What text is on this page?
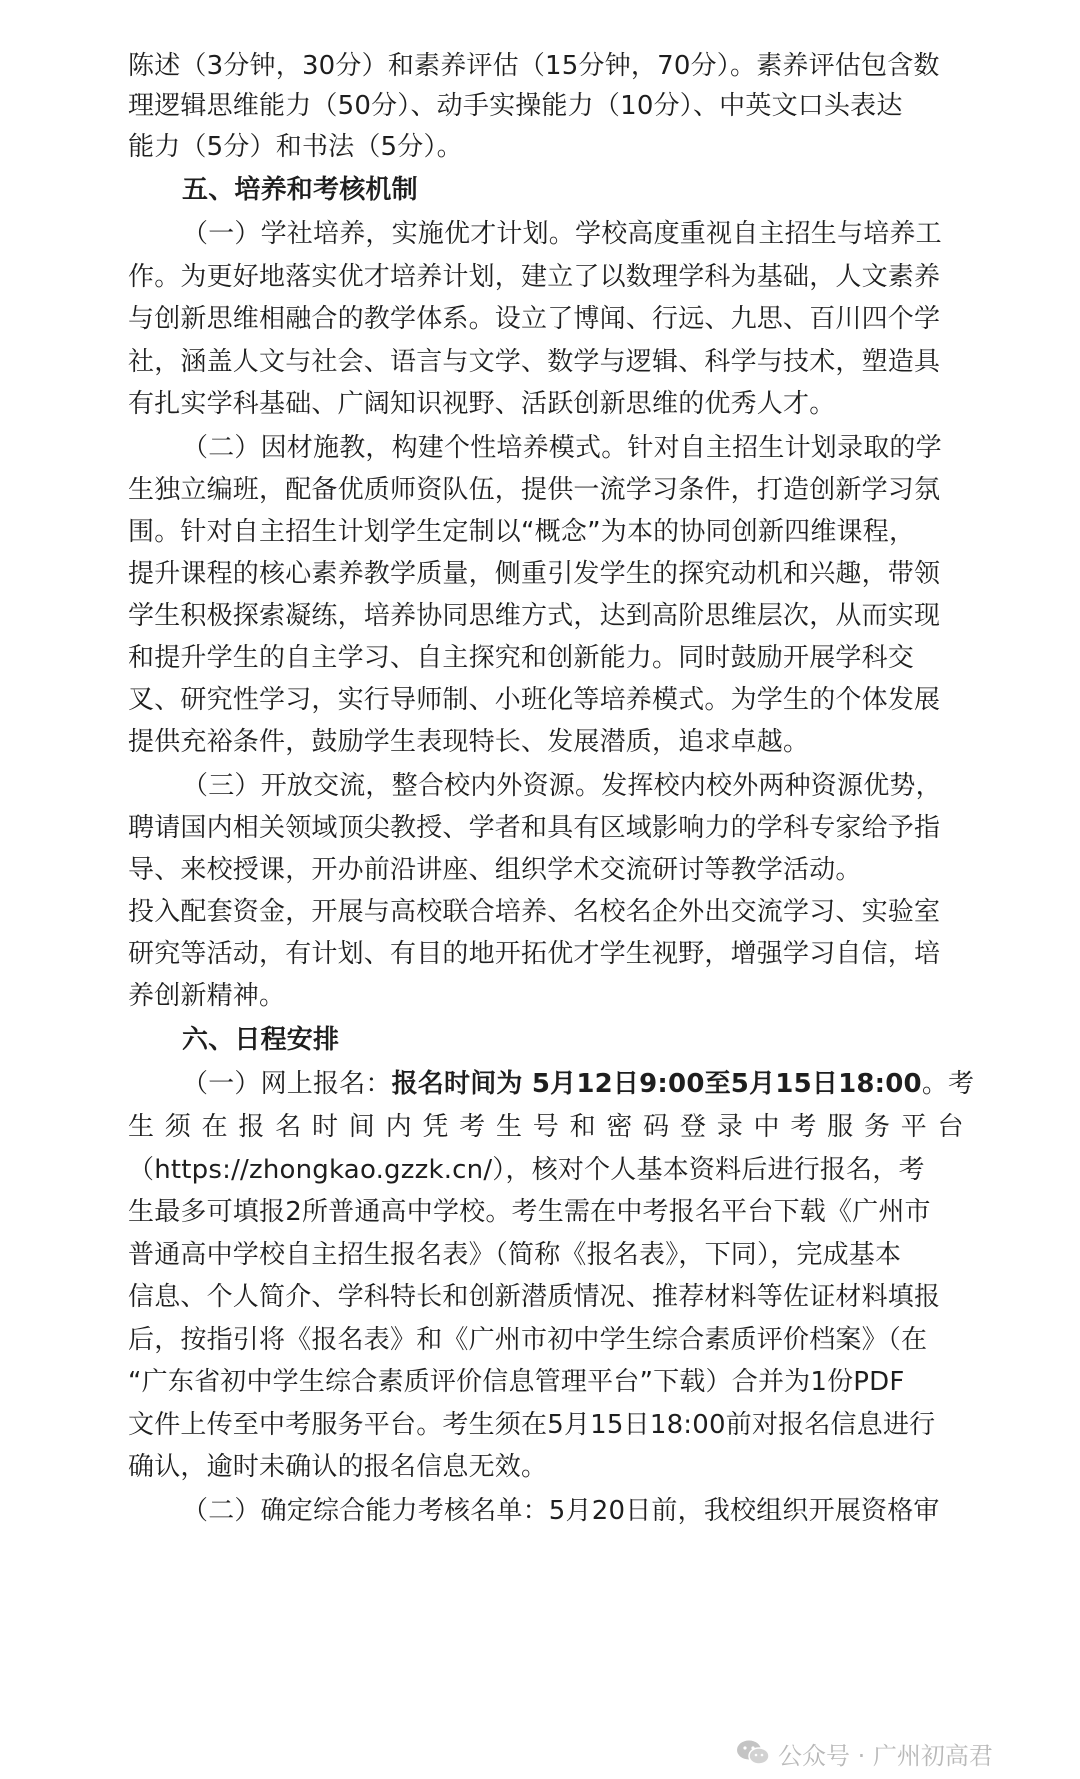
陈述（3分钟，30分）和素养评估（15分钟，70分）。素养评估包含数
理逻辑思维能力（50分）、动手实操能力（10分）、中英文口头表达
能力（5分）和书法（5分）。
五、培养和考核机制
（一）学社培养，实施优才计划。学校高度重视自主招生与培养工
作。为更好地落实优才培养计划，建立了以数理学科为基础，人文素养
与创新思维相融合的教学体系。设立了博闻、行远、九思、百川四个学
社，涵盖人文与社会、语言与文学、数学与逻辑、科学与技术，塑造具
有扎实学科基础、广阔知识视野、活跃创新思维的优秀人才。
（二）因材施教，构建个性培养模式。针对自主招生计划录取的学
生独立编班，配备优质师资队伍，提供一流学习条件，打造创新学习氛
围。针对自主招生计划学生定制以“概念”为本的协同创新四维课程，
提升课程的核心素养教学质量，侧重引发学生的探究动机和兴趣，带领
学生积极探索凝练，培养协同思维方式，达到高阶思维层次，从而实现
和提升学生的自主学习、自主探究和创新能力。同时鼓励开展学科交
叉、研究性学习，实行导师制、小班化等培养模式。为学生的个体发展
提供充裕条件，鼓励学生表现特长、发展潜质，追求卓越。
（三）开放交流，整合校内外资源。发挥校内校外两种资源优势，
聘请国内相关领域顶尖教授、学者和具有区域影响力的学科专家给予指
导、来校授课，开办前沿讲座、组织学术交流研讨等教学活动。
投入配套资金，开展与高校联合培养、名校名企外出交流学习、实验室
研究等活动，有计划、有目的地开拓优才学生视野，增强学习自信，培
养创新精神。
六、日程安排
（一）网上报名：报名时间为 5月12日9:00至5月15日18:00。考
生 须 在 报 名 时 间 内 凭 考 生 号 和 密 码 登 录 中 考 服 务 平 台
（https://zhongkao.gzzk.cn/），核对个人基本资料后进行报名，考
生最多可填报2所普通高中学校。考生需在中考报名平台下载《广州市
普通高中学校自主招生报名表》（简称《报名表》，下同），完成基本
信息、个人简介、学科特长和创新潜质情况、推荐材料等佐证材料填报
后，按指引将《报名表》和《广州市初中学生综合素质评价档案》（在
“广东省初中学生综合素质评价信息管理平台”下载）合并为1份PDF
文件上传至中考服务平台。考生须在5月15日18:00前对报名信息进行
确认，逾时未确认的报名信息无效。
（二）确定综合能力考核名单：5月20日前，我校组织开展资格审
公众号 · 广州初高君
